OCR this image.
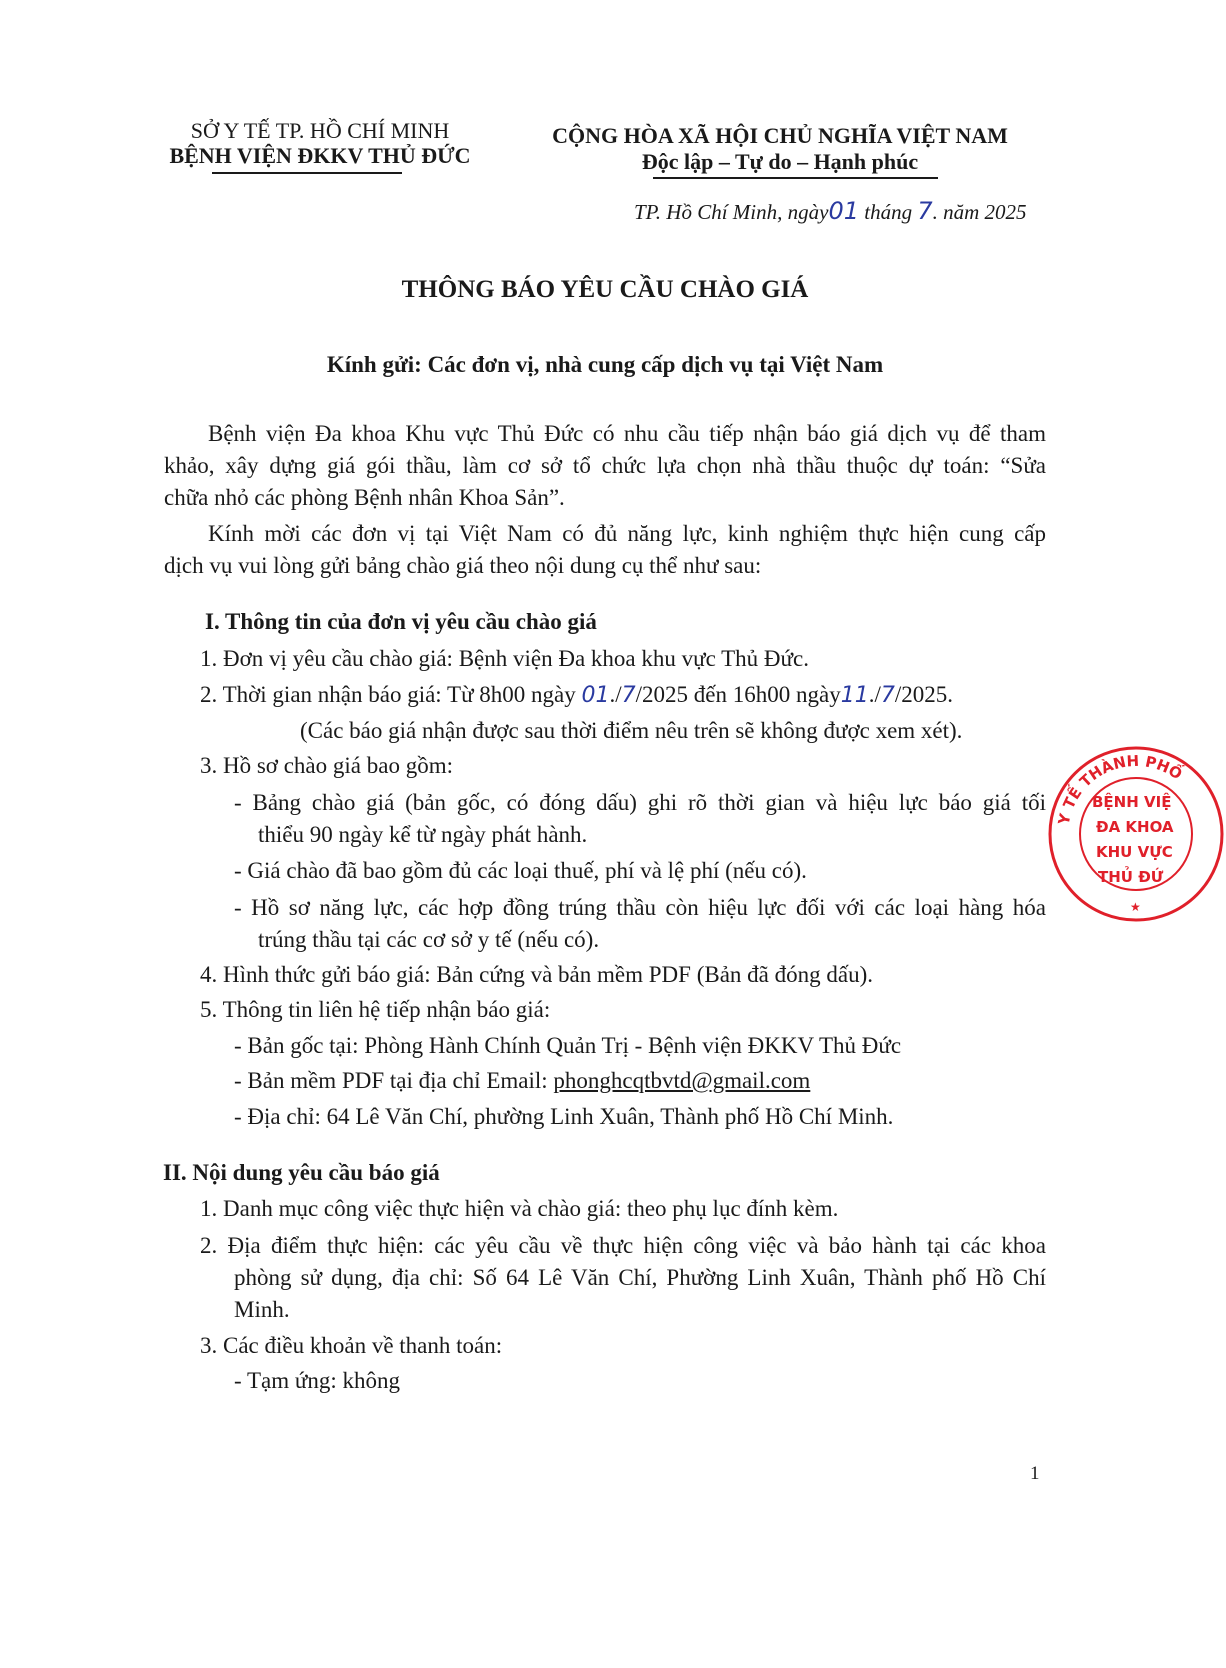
SỞ Y TẾ TP. HỒ CHÍ MINH
BỆNH VIỆN ĐKKV THỦ ĐỨC
CỘNG HÒA XÃ HỘI CHỦ NGHĨA VIỆT NAM
Độc lập – Tự do – Hạnh phúc
TP. Hồ Chí Minh, ngày01 tháng 7. năm 2025
THÔNG BÁO YÊU CẦU CHÀO GIÁ
Kính gửi: Các đơn vị, nhà cung cấp dịch vụ tại Việt Nam
Bệnh viện Đa khoa Khu vực Thủ Đức có nhu cầu tiếp nhận báo giá dịch vụ để tham
khảo, xây dựng giá gói thầu, làm cơ sở tổ chức lựa chọn nhà thầu thuộc dự toán: “Sửa
chữa nhỏ các phòng Bệnh nhân Khoa Sản”.
Kính mời các đơn vị tại Việt Nam có đủ năng lực, kinh nghiệm thực hiện cung cấp
dịch vụ vui lòng gửi bảng chào giá theo nội dung cụ thể như sau:
I. Thông tin của đơn vị yêu cầu chào giá
1. Đơn vị yêu cầu chào giá: Bệnh viện Đa khoa khu vực Thủ Đức.
2. Thời gian nhận báo giá: Từ 8h00 ngày 01./7/2025 đến 16h00 ngày11./7/2025.
(Các báo giá nhận được sau thời điểm nêu trên sẽ không được xem xét).
3. Hồ sơ chào giá bao gồm:
- Bảng chào giá (bản gốc, có đóng dấu) ghi rõ thời gian và hiệu lực báo giá tối
thiểu 90 ngày kể từ ngày phát hành.
- Giá chào đã bao gồm đủ các loại thuế, phí và lệ phí (nếu có).
- Hồ sơ năng lực, các hợp đồng trúng thầu còn hiệu lực đối với các loại hàng hóa
trúng thầu tại các cơ sở y tế (nếu có).
4. Hình thức gửi báo giá: Bản cứng và bản mềm PDF (Bản đã đóng dấu).
5. Thông tin liên hệ tiếp nhận báo giá:
- Bản gốc tại: Phòng Hành Chính Quản Trị - Bệnh viện ĐKKV Thủ Đức
- Bản mềm PDF tại địa chỉ Email: phonghcqtbvtd@gmail.com
- Địa chỉ: 64 Lê Văn Chí, phường Linh Xuân, Thành phố Hồ Chí Minh.
II. Nội dung yêu cầu báo giá
1. Danh mục công việc thực hiện và chào giá: theo phụ lục đính kèm.
2. Địa điểm thực hiện: các yêu cầu về thực hiện công việc và bảo hành tại các khoa
phòng sử dụng, địa chỉ: Số 64 Lê Văn Chí, Phường Linh Xuân, Thành phố Hồ Chí
Minh.
3. Các điều khoản về thanh toán:
- Tạm ứng: không
Y TẾ THÀNH PHỐ
BỆNH VIỆ
ĐA KHOA
KHU VỰC
THỦ ĐỨ
★
1
